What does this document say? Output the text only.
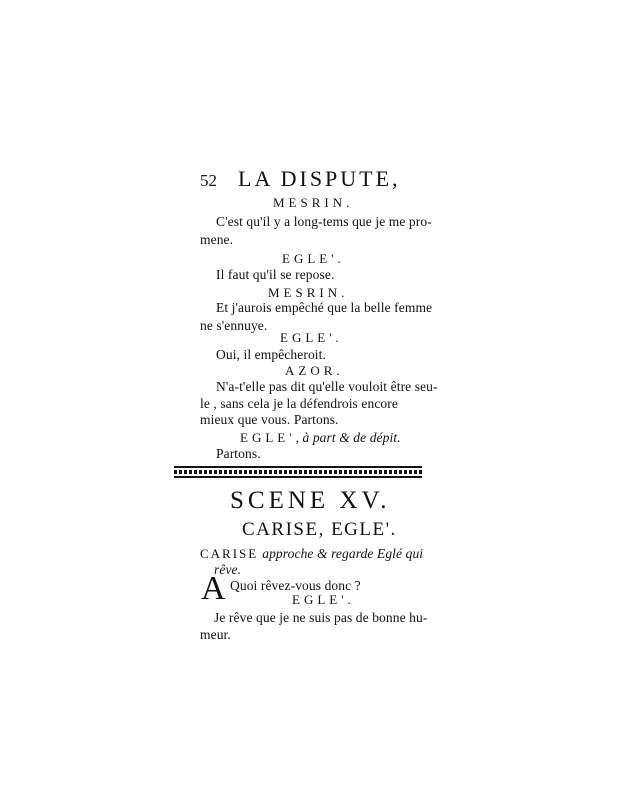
52 LA DISPUTE,
MESRIN.
C'est qu'il y a long-tems que je me pro-
mene.
EGLE'.
Il faut qu'il se repose.
MESRIN.
Et j'aurois empêché que la belle femme
ne s'ennuye.
EGLE'.
Oui, il empêcheroit.
AZOR.
N'a-t'elle pas dit qu'elle vouloit être seu-
le , sans cela je la défendrois encore
mieux que vous. Partons.
EGLE', à part & de dépit.
Partons.
SCENE XV.
CARISE, EGLE'.
CARISE approche & regarde Eglé qui
rêve.
A Quoi rêvez-vous donc ?
EGLE'.
Je rêve que je ne suis pas de bonne hu-
meur.
